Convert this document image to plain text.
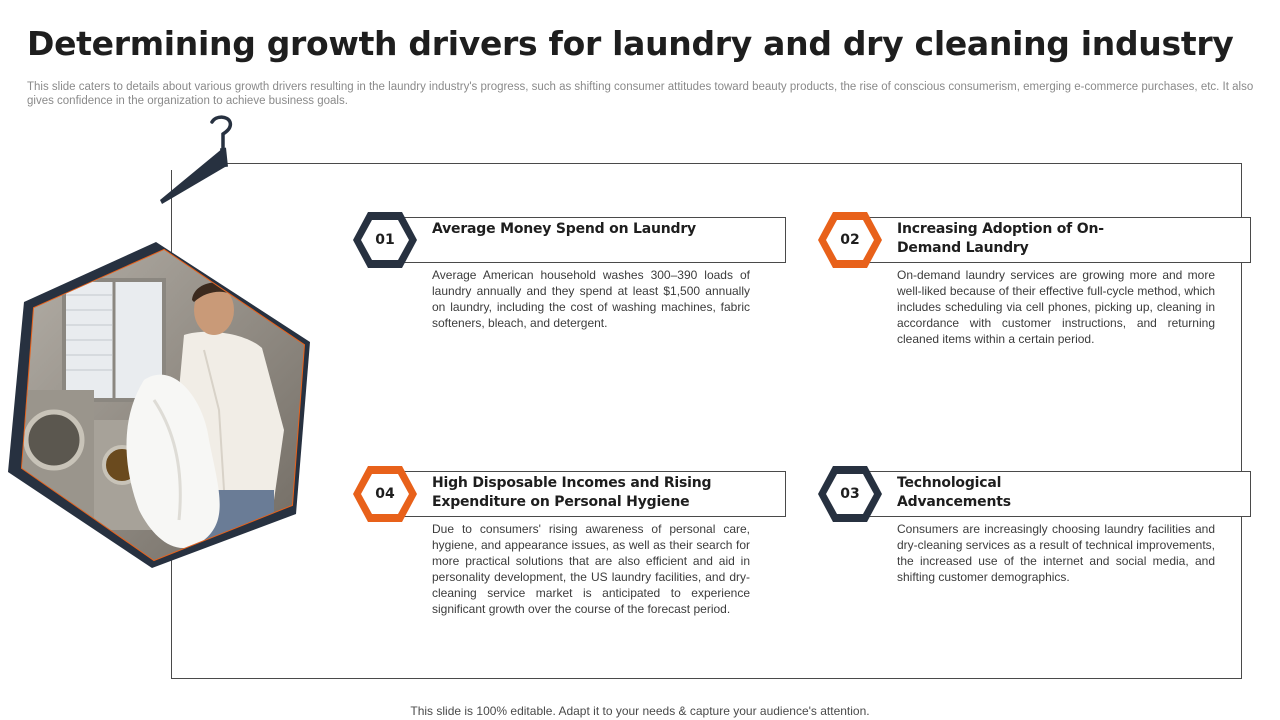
Determining growth drivers for laundry and dry cleaning industry
This slide caters to details about various growth drivers resulting in the laundry industry's progress, such as shifting consumer attitudes toward beauty products, the rise of conscious consumerism, emerging e-commerce purchases, etc. It also gives confidence in the organization to achieve business goals.
01
Average Money Spend on Laundry
Average American household washes 300–390 loads of laundry annually and they spend at least $1,500 annually on laundry, including the cost of washing machines, fabric softeners, bleach, and detergent.
02
Increasing Adoption of On-Demand Laundry
On-demand laundry services are growing more and more well-liked because of their effective full-cycle method, which includes scheduling via cell phones, picking up, cleaning in accordance with customer instructions, and returning cleaned items within a certain period.
04
High Disposable Incomes and Rising Expenditure on Personal Hygiene
Due to consumers' rising awareness of personal care, hygiene, and appearance issues, as well as their search for more practical solutions that are also efficient and aid in personality development, the US laundry facilities, and dry-cleaning service market is anticipated to experience significant growth over the course of the forecast period.
03
Technological Advancements
Consumers are increasingly choosing laundry facilities and dry-cleaning services as a result of technical improvements, the increased use of the internet and social media, and shifting customer demographics.
This slide is 100% editable. Adapt it to your needs & capture your audience's attention.
